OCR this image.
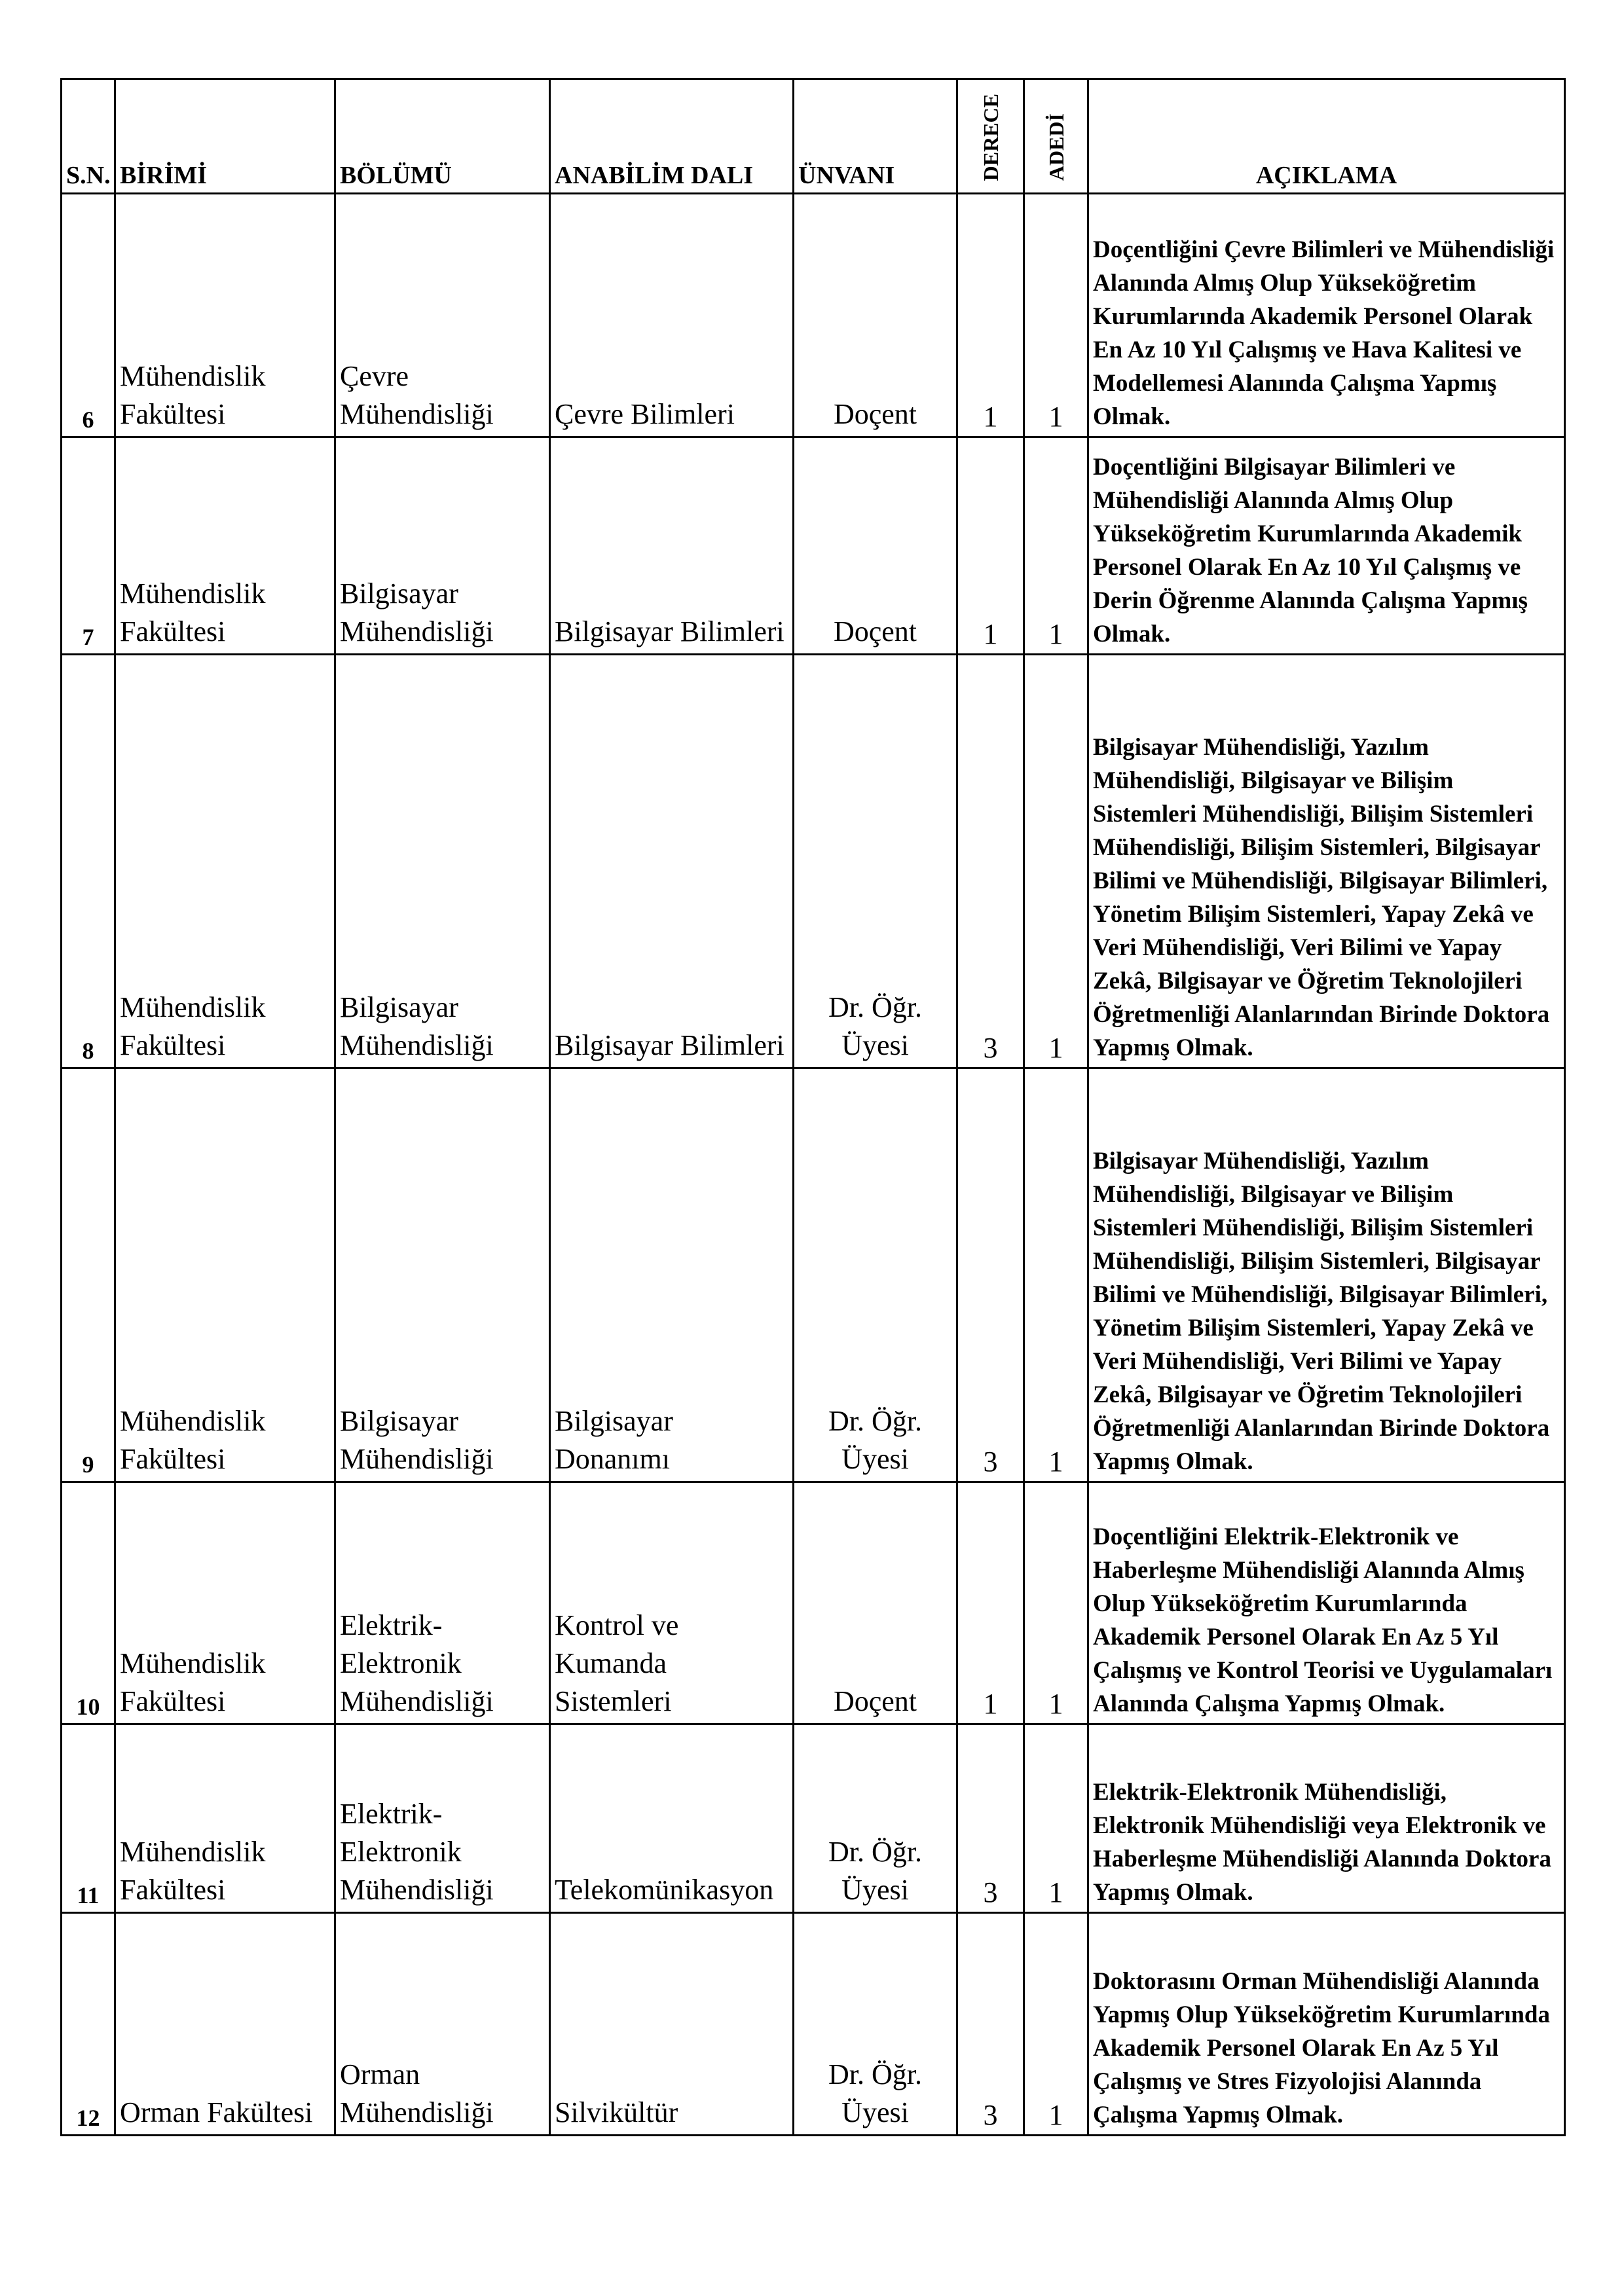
S.N.	BİRİMİ	BÖLÜMÜ	ANABİLİM DALI	ÜNVANI	DERECE	ADEDİ	AÇIKLAMA
6	Mühendislik Fakültesi	Çevre Mühendisliği	Çevre Bilimleri	Doçent	1	1	Doçentliğini Çevre Bilimleri ve Mühendisliği Alanında Almış Olup Yükseköğretim Kurumlarında Akademik Personel Olarak En Az 10 Yıl Çalışmış ve Hava Kalitesi ve Modellemesi Alanında Çalışma Yapmış Olmak.
7	Mühendislik Fakültesi	Bilgisayar Mühendisliği	Bilgisayar Bilimleri	Doçent	1	1	Doçentliğini Bilgisayar Bilimleri ve Mühendisliği Alanında Almış Olup Yükseköğretim Kurumlarında Akademik Personel Olarak En Az 10 Yıl Çalışmış ve Derin Öğrenme Alanında Çalışma Yapmış Olmak.
8	Mühendislik Fakültesi	Bilgisayar Mühendisliği	Bilgisayar Bilimleri	Dr. Öğr. Üyesi	3	1	Bilgisayar Mühendisliği, Yazılım Mühendisliği, Bilgisayar ve Bilişim Sistemleri Mühendisliği, Bilişim Sistemleri Mühendisliği, Bilişim Sistemleri, Bilgisayar Bilimi ve Mühendisliği, Bilgisayar Bilimleri, Yönetim Bilişim Sistemleri, Yapay Zekâ ve Veri Mühendisliği, Veri Bilimi ve Yapay Zekâ, Bilgisayar ve Öğretim Teknolojileri Öğretmenliği Alanlarından Birinde Doktora Yapmış Olmak.
9	Mühendislik Fakültesi	Bilgisayar Mühendisliği	Bilgisayar Donanımı	Dr. Öğr. Üyesi	3	1	Bilgisayar Mühendisliği, Yazılım Mühendisliği, Bilgisayar ve Bilişim Sistemleri Mühendisliği, Bilişim Sistemleri Mühendisliği, Bilişim Sistemleri, Bilgisayar Bilimi ve Mühendisliği, Bilgisayar Bilimleri, Yönetim Bilişim Sistemleri, Yapay Zekâ ve Veri Mühendisliği, Veri Bilimi ve Yapay Zekâ, Bilgisayar ve Öğretim Teknolojileri Öğretmenliği Alanlarından Birinde Doktora Yapmış Olmak.
10	Mühendislik Fakültesi	Elektrik-Elektronik Mühendisliği	Kontrol ve Kumanda Sistemleri	Doçent	1	1	Doçentliğini Elektrik-Elektronik ve Haberleşme Mühendisliği Alanında Almış Olup Yükseköğretim Kurumlarında Akademik Personel Olarak En Az 5 Yıl Çalışmış ve Kontrol Teorisi ve Uygulamaları Alanında Çalışma Yapmış Olmak.
11	Mühendislik Fakültesi	Elektrik-Elektronik Mühendisliği	Telekomünikasyon	Dr. Öğr. Üyesi	3	1	Elektrik-Elektronik Mühendisliği, Elektronik Mühendisliği veya Elektronik ve Haberleşme Mühendisliği Alanında Doktora Yapmış Olmak.
12	Orman Fakültesi	Orman Mühendisliği	Silvikültür	Dr. Öğr. Üyesi	3	1	Doktorasını Orman Mühendisliği Alanında Yapmış Olup Yükseköğretim Kurumlarında Akademik Personel Olarak En Az 5 Yıl Çalışmış ve Stres Fizyolojisi Alanında Çalışma Yapmış Olmak.
